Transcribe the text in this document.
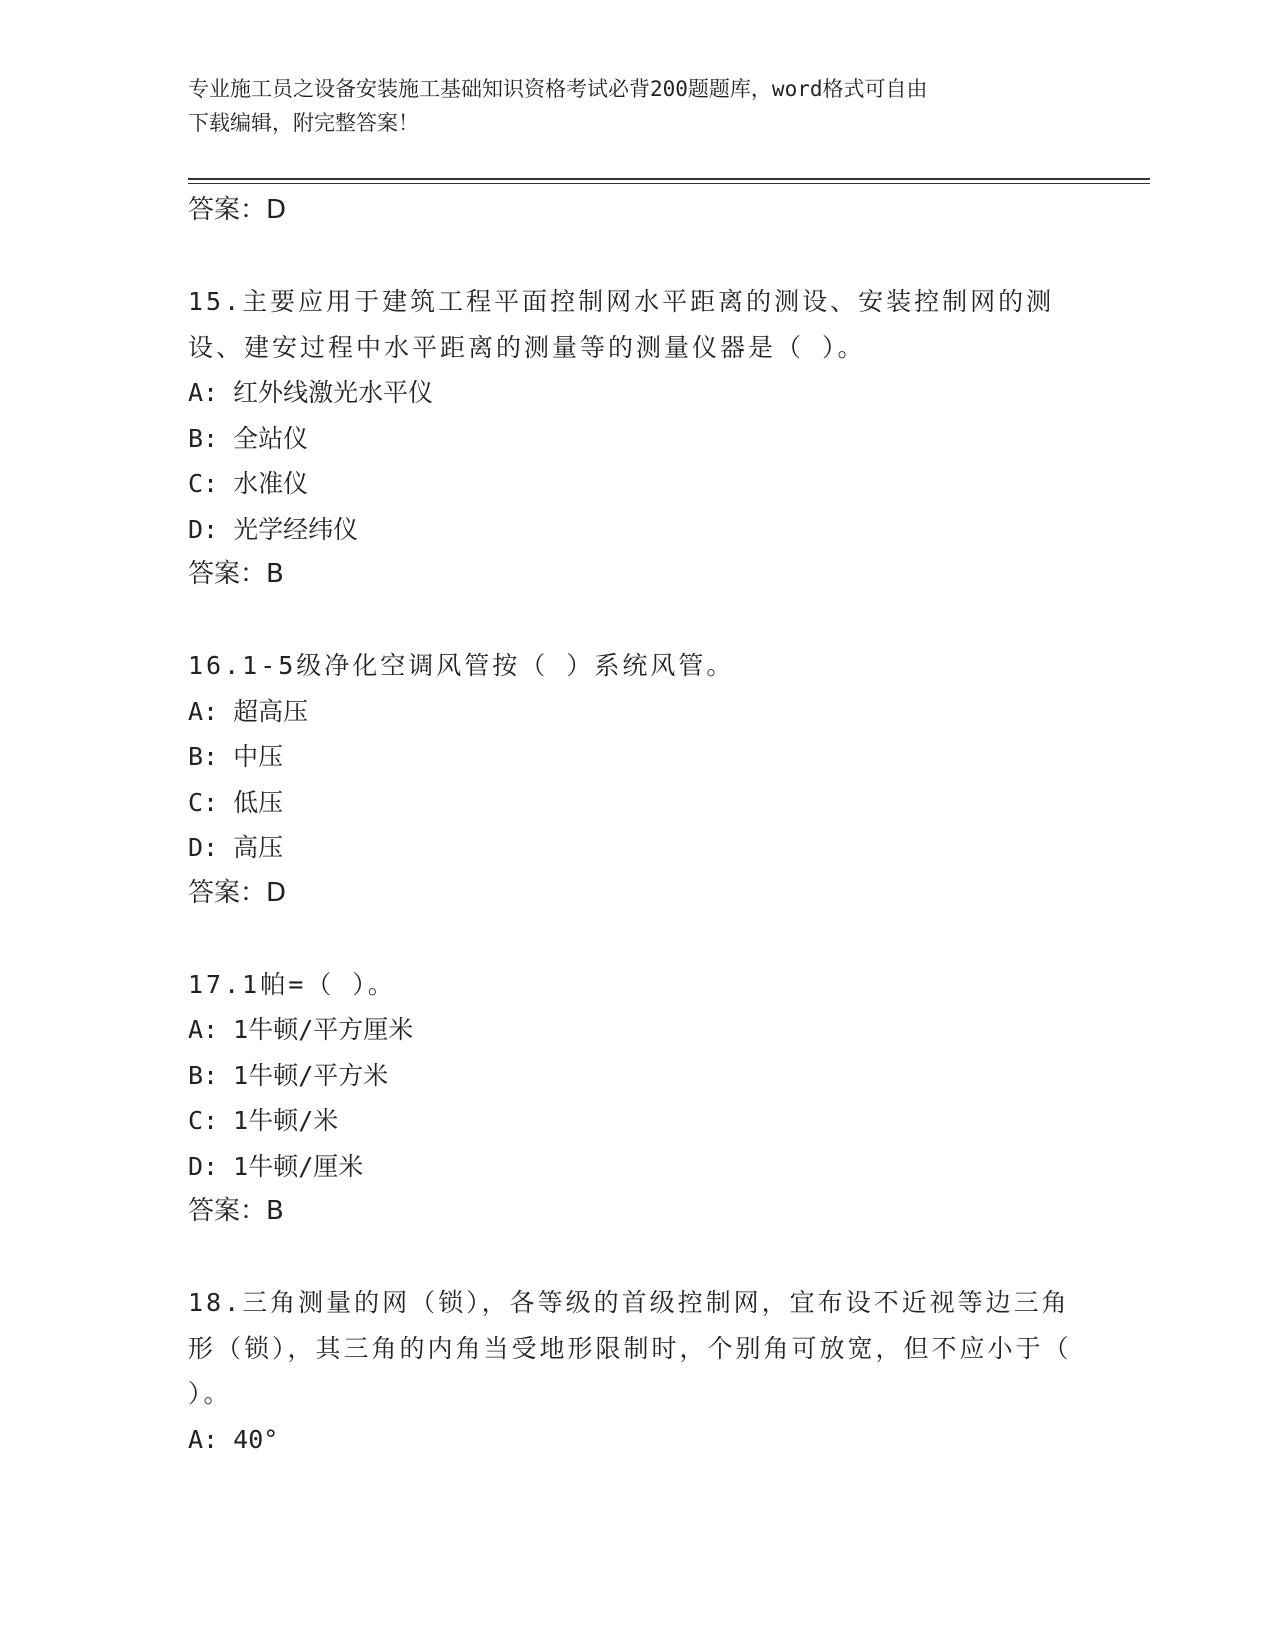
专业施工员之设备安装施工基础知识资格考试必背200题题库，word格式可自由
下载编辑，附完整答案！
答案：D

15.主要应用于建筑工程平面控制网水平距离的测设、安装控制网的测设、建安过程中水平距离的测量等的测量仪器是（ ）。

A: 红外线激光水平仪

B: 全站仪

C: 水准仪

D: 光学经纬仪

答案：B

16.1-5级净化空调风管按（ ）系统风管。

A: 超高压

B: 中压

C: 低压

D: 高压

答案：D

17.1帕=（ ）。

A: 1牛顿/平方厘米

B: 1牛顿/平方米

C: 1牛顿/米

D: 1牛顿/厘米

答案：B

18.三角测量的网（锁），各等级的首级控制网，宜布设不近视等边三角形（锁），其三角的内角当受地形限制时，个别角可放宽，但不应小于（ ）。

A: 40°
